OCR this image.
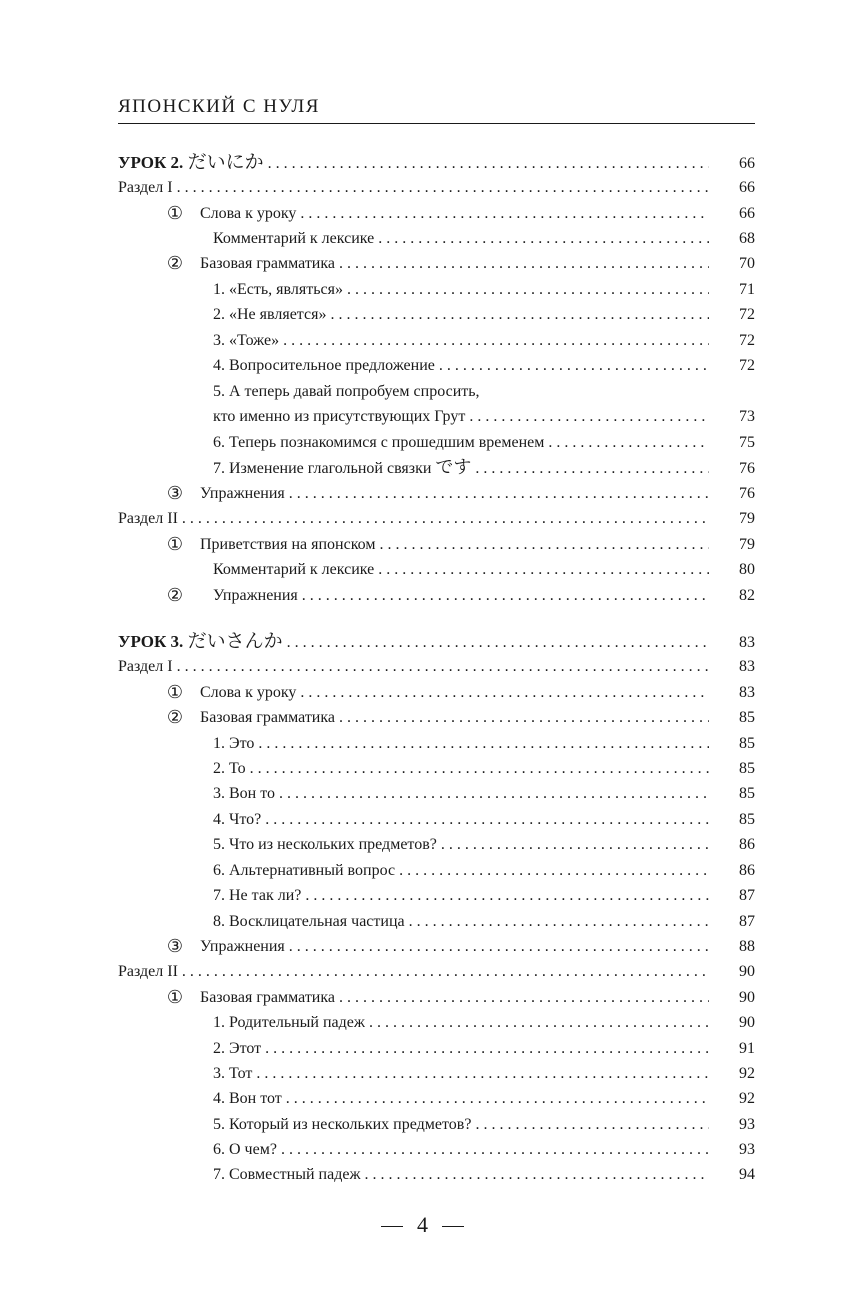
ЯПОНСКИЙ С НУЛЯ
УРОК 2. だいにか . . .	66
Раздел I . . .	66
① Слова к уроку . . .	66
Комментарий к лексике . . .	68
② Базовая грамматика . . .	70
1. «Есть, являться» . . .	71
2. «Не является» . . .	72
3. «Тоже» . . .	72
4. Вопросительное предложение . . .	72
5. А теперь давай попробуем спросить,
кто именно из присутствующих Грут . . .	73
6. Теперь познакомимся с прошедшим временем . . .	75
7. Изменение глагольной связки です . . .	76
③ Упражнения . . .	76
Раздел II . . .	79
① Приветствия на японском . . .	79
Комментарий к лексике . . .	80
② Упражнения . . .	82
УРОК 3. だいさんか . . .	83
Раздел I . . .	83
① Слова к уроку . . .	83
② Базовая грамматика . . .	85
1. Это . . .	85
2. То . . .	85
3. Вон то . . .	85
4. Что? . . .	85
5. Что из нескольких предметов? . . .	86
6. Альтернативный вопрос . . .	86
7. Не так ли? . . .	87
8. Восклицательная частица . . .	87
③ Упражнения . . .	88
Раздел II . . .	90
① Базовая грамматика . . .	90
1. Родительный падеж . . .	90
2. Этот . . .	91
3. Тот . . .	92
4. Вон тот . . .	92
5. Который из нескольких предметов? . . .	93
6. О чем? . . .	93
7. Совместный падеж . . .	94
4
